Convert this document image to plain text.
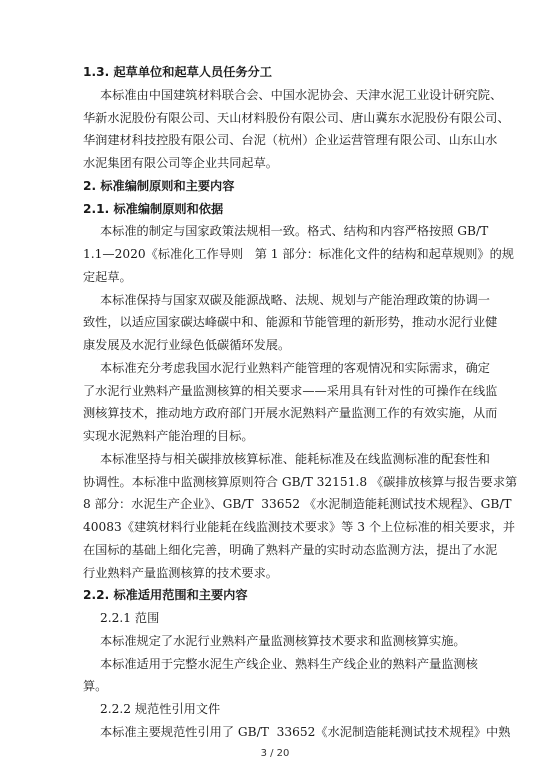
1.3. 起草单位和起草人员任务分工

本标准由中国建筑材料联合会、中国水泥协会、天津水泥工业设计研究院、

华新水泥股份有限公司、天山材料股份有限公司、唐山冀东水泥股份有限公司、

华润建材科技控股有限公司、台泥（杭州）企业运营管理有限公司、山东山水

水泥集团有限公司等企业共同起草。

2. 标准编制原则和主要内容

2.1. 标准编制原则和依据

本标准的制定与国家政策法规相一致。格式、结构和内容严格按照 GB/T

1.1—2020《标准化工作导则   第 1 部分：标准化文件的结构和起草规则》的规

定起草。

本标准保持与国家双碳及能源战略、法规、规划与产能治理政策的协调一

致性，以适应国家碳达峰碳中和、能源和节能管理的新形势，推动水泥行业健

康发展及水泥行业绿色低碳循环发展。

本标准充分考虑我国水泥行业熟料产能管理的客观情况和实际需求，确定

了水泥行业熟料产量监测核算的相关要求——采用具有针对性的可操作在线监

测核算技术，推动地方政府部门开展水泥熟料产量监测工作的有效实施，从而

实现水泥熟料产能治理的目标。

本标准坚持与相关碳排放核算标准、能耗标准及在线监测标准的配套性和

协调性。本标准中监测核算原则符合 GB/T 32151.8 《碳排放核算与报告要求第

8 部分：水泥生产企业》、GB/T  33652 《水泥制造能耗测试技术规程》、GB/T

40083《建筑材料行业能耗在线监测技术要求》等 3 个上位标准的相关要求，并

在国标的基础上细化完善，明确了熟料产量的实时动态监测方法，提出了水泥

行业熟料产量监测核算的技术要求。

2.2. 标准适用范围和主要内容

2.2.1 范围

本标准规定了水泥行业熟料产量监测核算技术要求和监测核算实施。

本标准适用于完整水泥生产线企业、熟料生产线企业的熟料产量监测核

算。

2.2.2 规范性引用文件

本标准主要规范性引用了 GB/T  33652《水泥制造能耗测试技术规程》中熟

3 / 20
